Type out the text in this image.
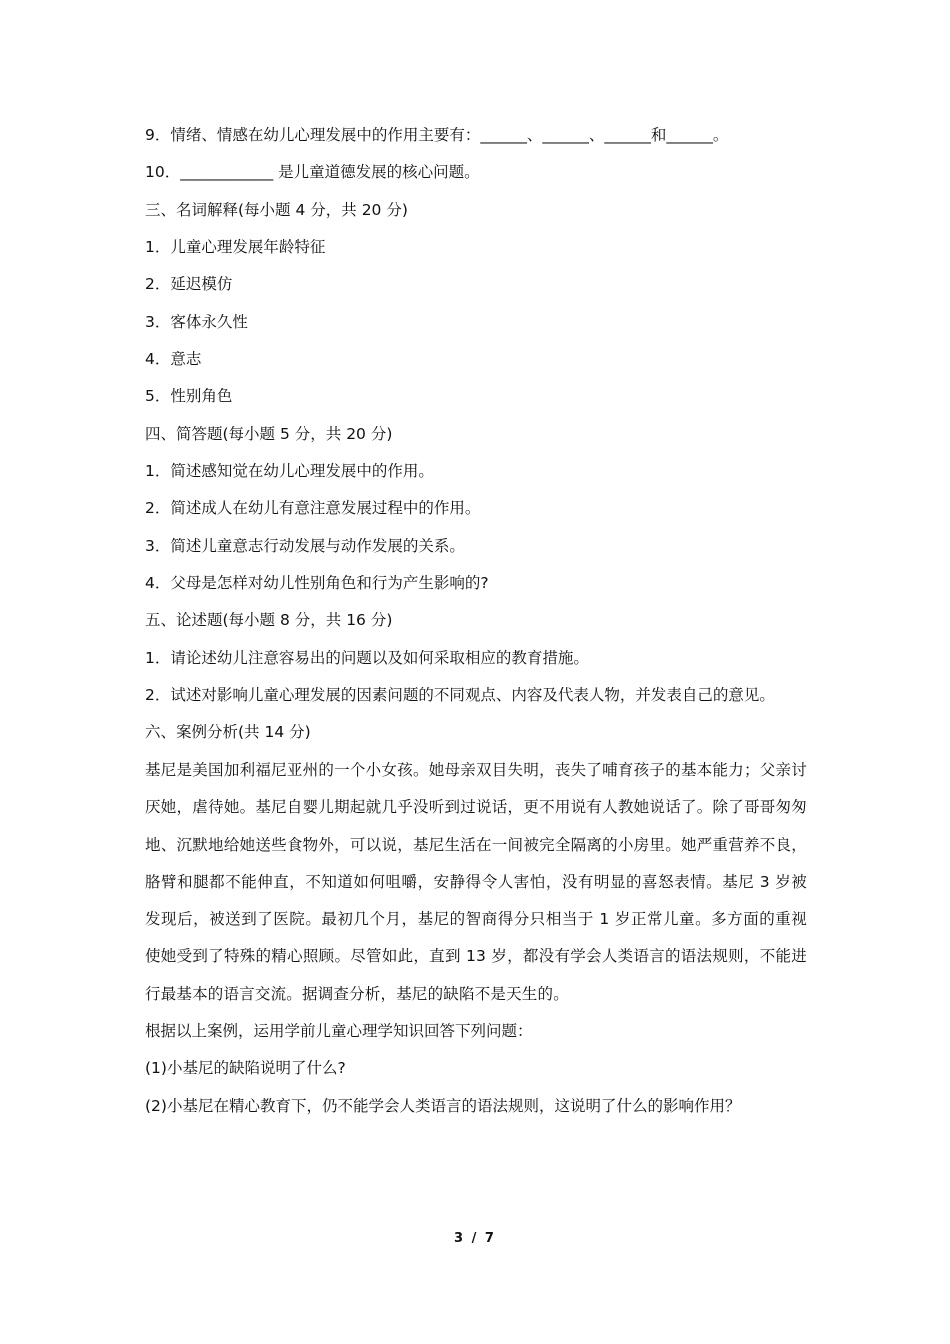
9．情绪、情感在幼儿心理发展中的作用主要有：______、______、______和______。
10．____________ 是儿童道德发展的核心问题。
三、名词解释(每小题 4 分，共 20 分)
1．儿童心理发展年龄特征
2．延迟模仿
3．客体永久性
4．意志
5．性别角色
四、简答题(每小题 5 分，共 20 分)
1．简述感知觉在幼儿心理发展中的作用。
2．简述成人在幼儿有意注意发展过程中的作用。
3．简述儿童意志行动发展与动作发展的关系。
4．父母是怎样对幼儿性别角色和行为产生影响的?
五、论述题(每小题 8 分，共 16 分)
1．请论述幼儿注意容易出的问题以及如何采取相应的教育措施。
2．试述对影响儿童心理发展的因素问题的不同观点、内容及代表人物，并发表自己的意见。
六、案例分析(共 14 分)
基尼是美国加利福尼亚州的一个小女孩。她母亲双目失明，丧失了哺育孩子的基本能力；父亲讨厌她，虐待她。基尼自婴儿期起就几乎没听到过说话，更不用说有人教她说话了。除了哥哥匆匆地、沉默地给她送些食物外，可以说，基尼生活在一间被完全隔离的小房里。她严重营养不良，胳臂和腿都不能伸直，不知道如何咀嚼，安静得令人害怕，没有明显的喜怒表情。基尼 3 岁被发现后，被送到了医院。最初几个月，基尼的智商得分只相当于 1 岁正常儿童。多方面的重视使她受到了特殊的精心照顾。尽管如此，直到 13 岁，都没有学会人类语言的语法规则，不能进行最基本的语言交流。据调查分析，基尼的缺陷不是天生的。
根据以上案例，运用学前儿童心理学知识回答下列问题：
(1)小基尼的缺陷说明了什么?
(2)小基尼在精心教育下，仍不能学会人类语言的语法规则，这说明了什么的影响作用？
3 / 7
